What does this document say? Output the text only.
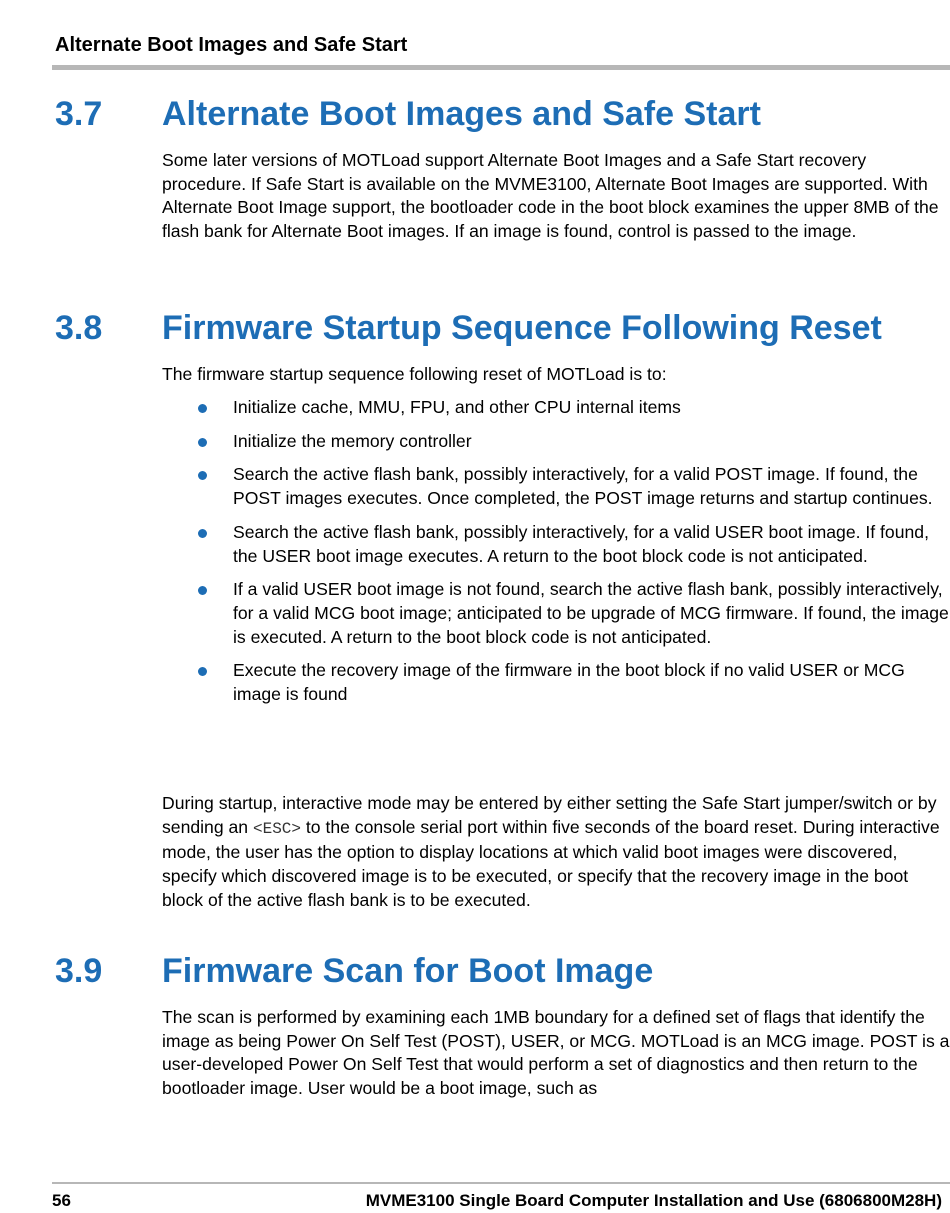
Alternate Boot Images and Safe Start
3.7 Alternate Boot Images and Safe Start

Some later versions of MOTLoad support Alternate Boot Images and a Safe Start recovery procedure. If Safe Start is available on the MVME3100, Alternate Boot Images are supported. With Alternate Boot Image support, the bootloader code in the boot block examines the upper 8MB of the flash bank for Alternate Boot images. If an image is found, control is passed to the image.

3.8 Firmware Startup Sequence Following Reset

The firmware startup sequence following reset of MOTLoad is to:

Initialize cache, MMU, FPU, and other CPU internal items
Initialize the memory controller
Search the active flash bank, possibly interactively, for a valid POST image. If found, the POST images executes. Once completed, the POST image returns and startup continues.
Search the active flash bank, possibly interactively, for a valid USER boot image. If found, the USER boot image executes. A return to the boot block code is not anticipated.
If a valid USER boot image is not found, search the active flash bank, possibly interactively, for a valid MCG boot image; anticipated to be upgrade of MCG firmware. If found, the image is executed. A return to the boot block code is not anticipated.
Execute the recovery image of the firmware in the boot block if no valid USER or MCG image is found

During startup, interactive mode may be entered by either setting the Safe Start jumper/switch or by sending an <ESC> to the console serial port within five seconds of the board reset. During interactive mode, the user has the option to display locations at which valid boot images were discovered, specify which discovered image is to be executed, or specify that the recovery image in the boot block of the active flash bank is to be executed.

3.9 Firmware Scan for Boot Image

The scan is performed by examining each 1MB boundary for a defined set of flags that identify the image as being Power On Self Test (POST), USER, or MCG. MOTLoad is an MCG image. POST is a user-developed Power On Self Test that would perform a set of diagnostics and then return to the bootloader image. User would be a boot image, such as

56	MVME3100 Single Board Computer Installation and Use (6806800M28H)
